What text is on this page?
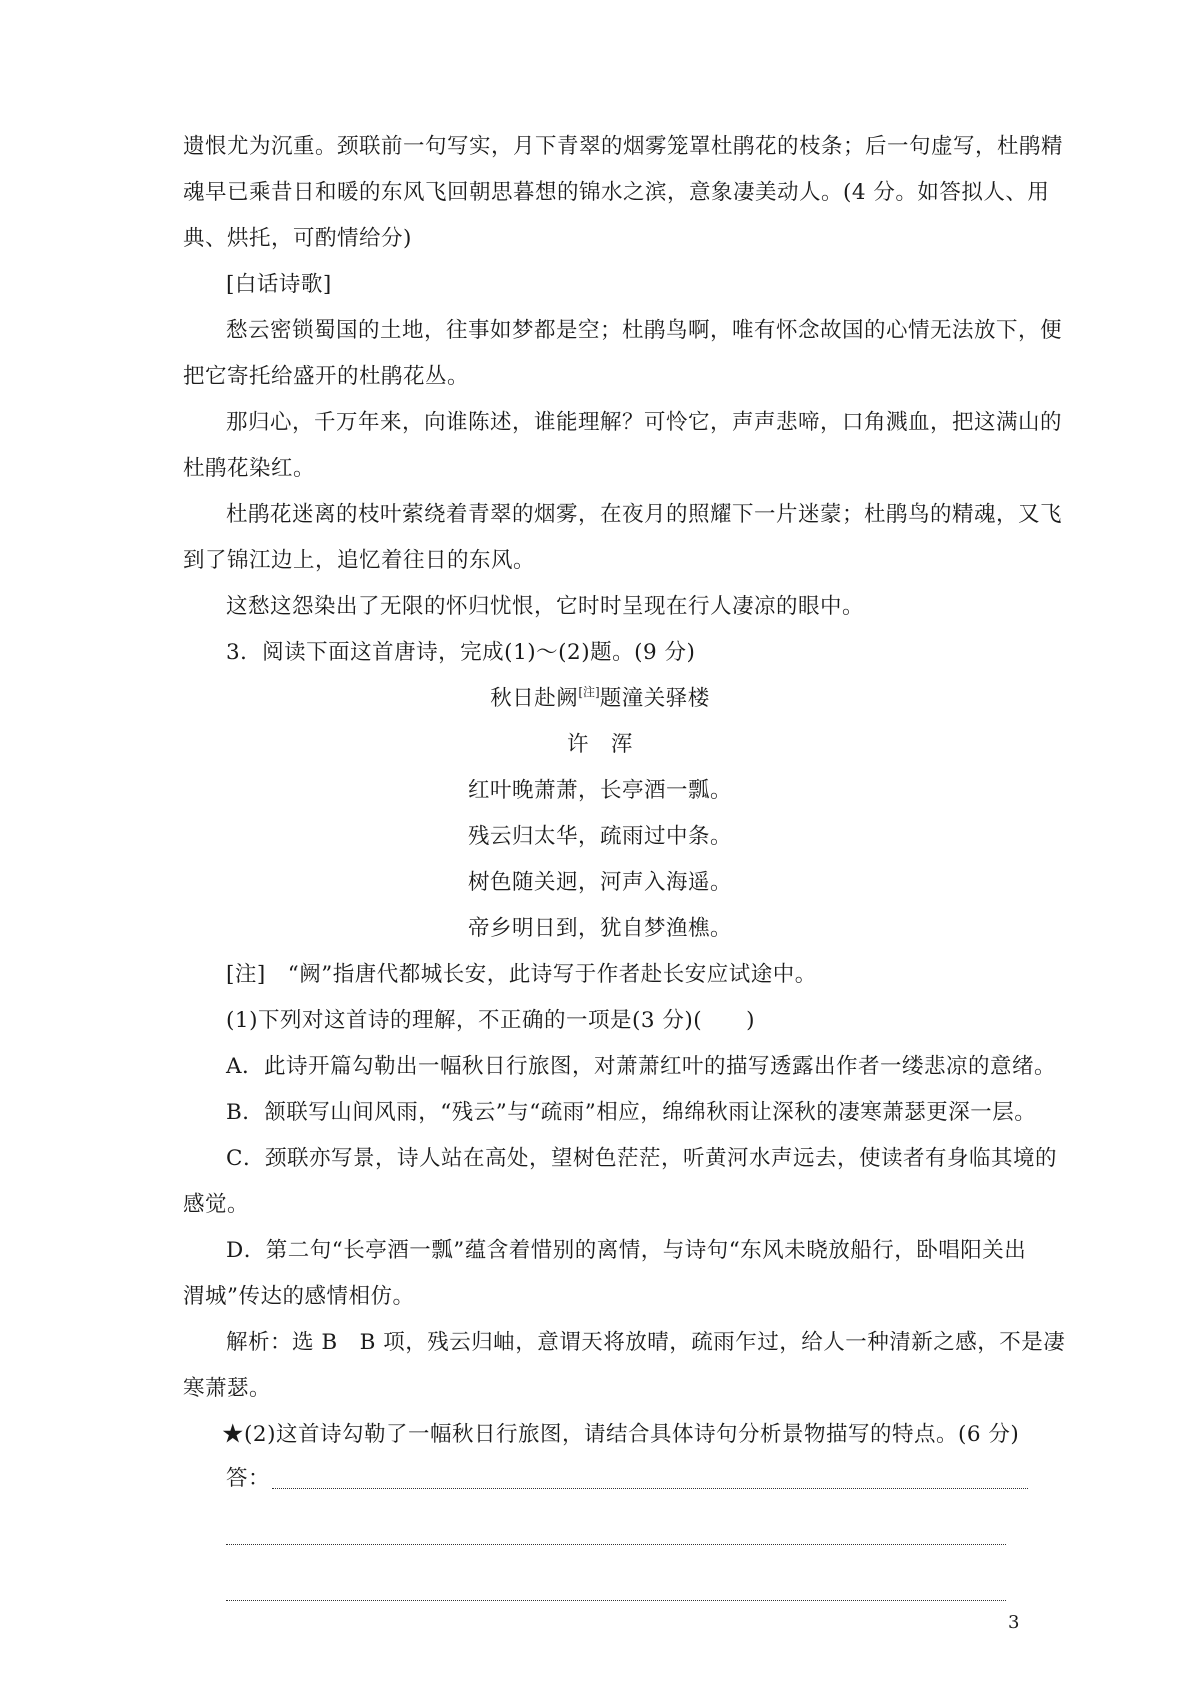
遗恨尤为沉重。颈联前一句写实，月下青翠的烟雾笼罩杜鹃花的枝条；后一句虚写，杜鹃精
魂早已乘昔日和暖的东风飞回朝思暮想的锦水之滨，意象凄美动人。(4 分。如答拟人、用
典、烘托，可酌情给分)
[白话诗歌]
愁云密锁蜀国的土地，往事如梦都是空；杜鹃鸟啊，唯有怀念故国的心情无法放下，便
把它寄托给盛开的杜鹃花丛。
那归心，千万年来，向谁陈述，谁能理解？可怜它，声声悲啼，口角溅血，把这满山的
杜鹃花染红。
杜鹃花迷离的枝叶萦绕着青翠的烟雾，在夜月的照耀下一片迷蒙；杜鹃鸟的精魂，又飞
到了锦江边上，追忆着往日的东风。
这愁这怨染出了无限的怀归忧恨，它时时呈现在行人凄凉的眼中。
3．阅读下面这首唐诗，完成(1)～(2)题。(9 分)
秋日赴阙[注]题潼关驿楼
许　浑
红叶晚萧萧，长亭酒一瓢。
残云归太华，疏雨过中条。
树色随关迥，河声入海遥。
帝乡明日到，犹自梦渔樵。
[注]　“阙”指唐代都城长安，此诗写于作者赴长安应试途中。
(1)下列对这首诗的理解，不正确的一项是(3 分)(　　)
A．此诗开篇勾勒出一幅秋日行旅图，对萧萧红叶的描写透露出作者一缕悲凉的意绪。
B．颔联写山间风雨，“残云”与“疏雨”相应，绵绵秋雨让深秋的凄寒萧瑟更深一层。
C．颈联亦写景，诗人站在高处，望树色茫茫，听黄河水声远去，使读者有身临其境的
感觉。
D．第二句“长亭酒一瓢”蕴含着惜别的离情，与诗句“东风未晓放船行，卧唱阳关出
渭城”传达的感情相仿。
解析：选 B　B 项，残云归岫，意谓天将放晴，疏雨乍过，给人一种清新之感，不是凄
寒萧瑟。
★(2)这首诗勾勒了一幅秋日行旅图，请结合具体诗句分析景物描写的特点。(6 分)
答：
3
